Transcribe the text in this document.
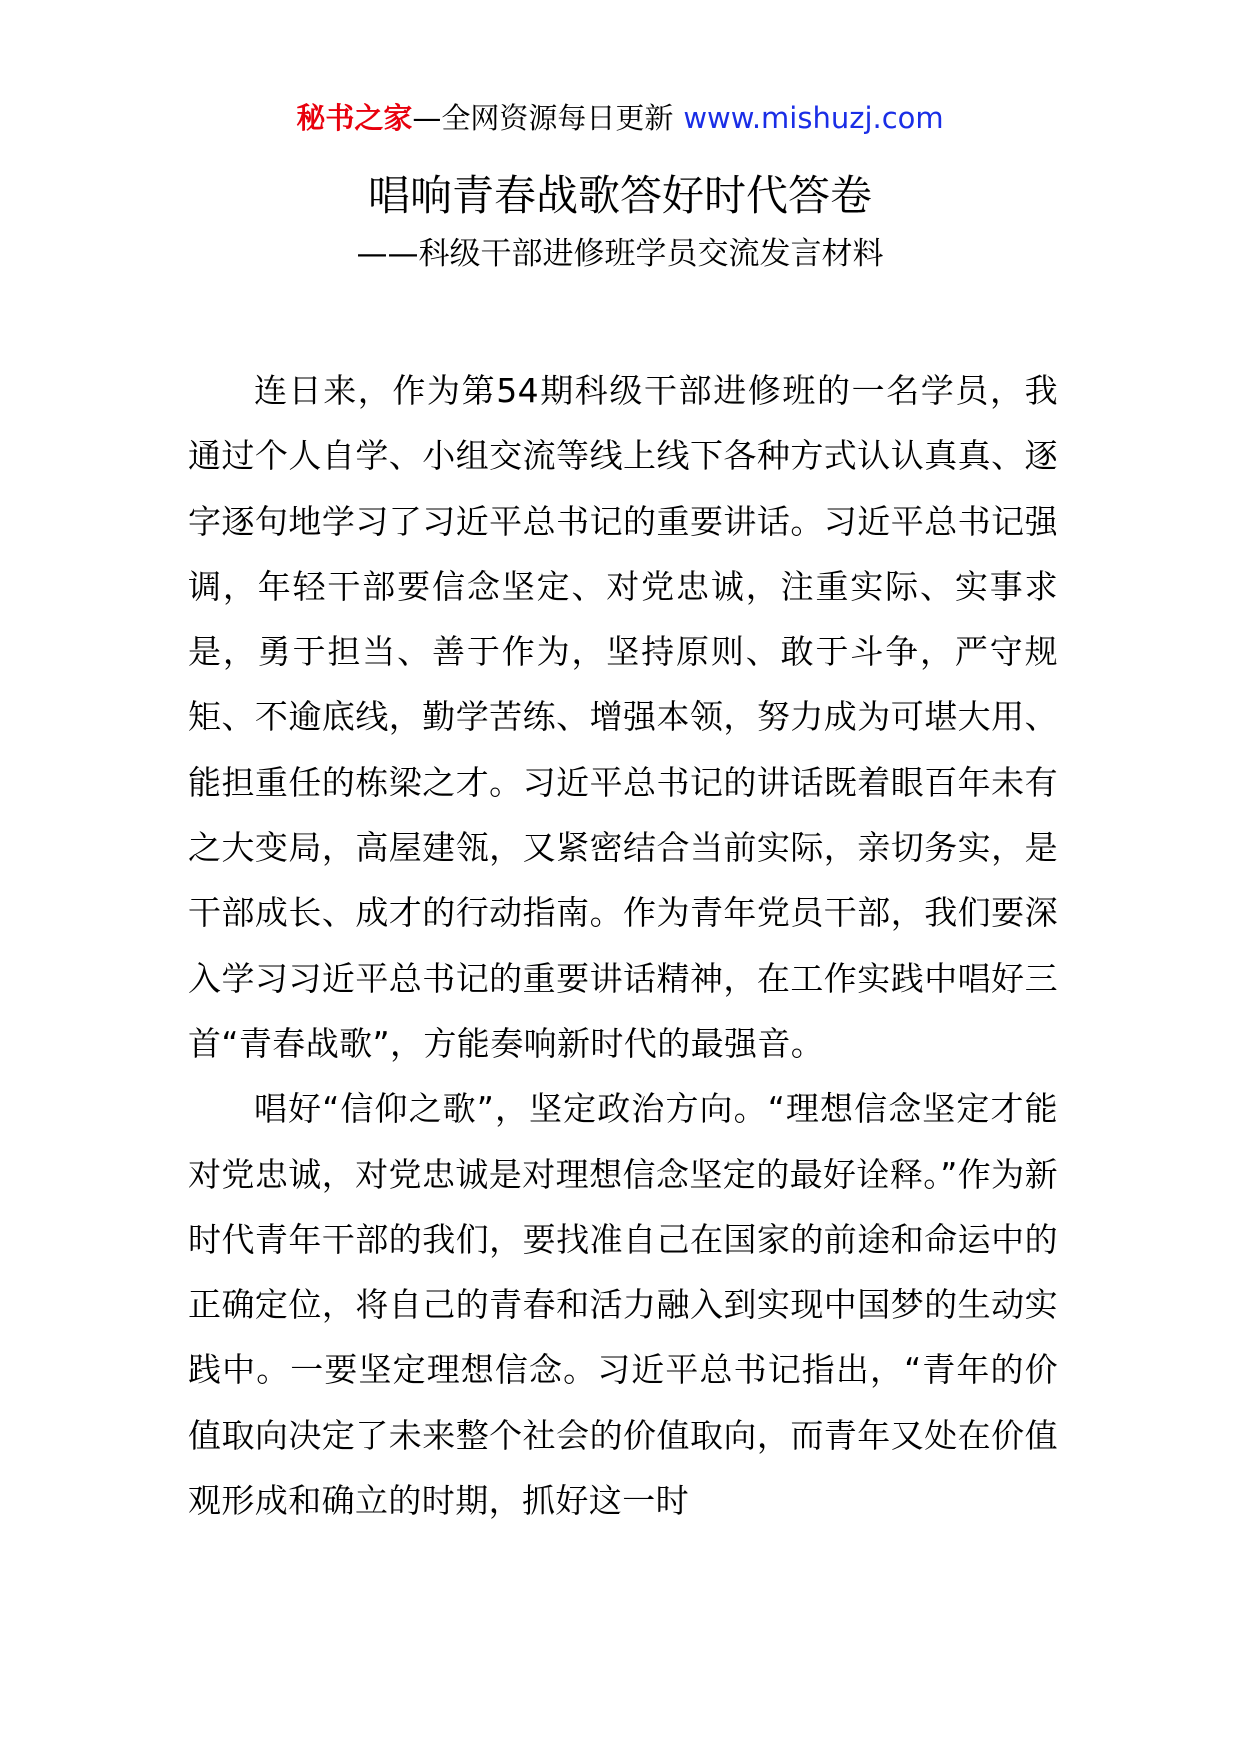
秘书之家—全网资源每日更新 www.mishuzj.com
唱响青春战歌答好时代答卷
——科级干部进修班学员交流发言材料

连日来，作为第54期科级干部进修班的一名学员，我通过个人自学、小组交流等线上线下各种方式认认真真、逐字逐句地学习了习近平总书记的重要讲话。习近平总书记强调，年轻干部要信念坚定、对党忠诚，注重实际、实事求是，勇于担当、善于作为，坚持原则、敢于斗争，严守规矩、不逾底线，勤学苦练、增强本领，努力成为可堪大用、能担重任的栋梁之才。习近平总书记的讲话既着眼百年未有之大变局，高屋建瓴，又紧密结合当前实际，亲切务实，是干部成长、成才的行动指南。作为青年党员干部，我们要深入学习习近平总书记的重要讲话精神，在工作实践中唱好三首“青春战歌”，方能奏响新时代的最强音。

唱好“信仰之歌”，坚定政治方向。“理想信念坚定才能对党忠诚，对党忠诚是对理想信念坚定的最好诠释。”作为新时代青年干部的我们，要找准自己在国家的前途和命运中的正确定位，将自己的青春和活力融入到实现中国梦的生动实践中。一要坚定理想信念。习近平总书记指出，“青年的价值取向决定了未来整个社会的价值取向，而青年又处在价值观形成和确立的时期，抓好这一时
